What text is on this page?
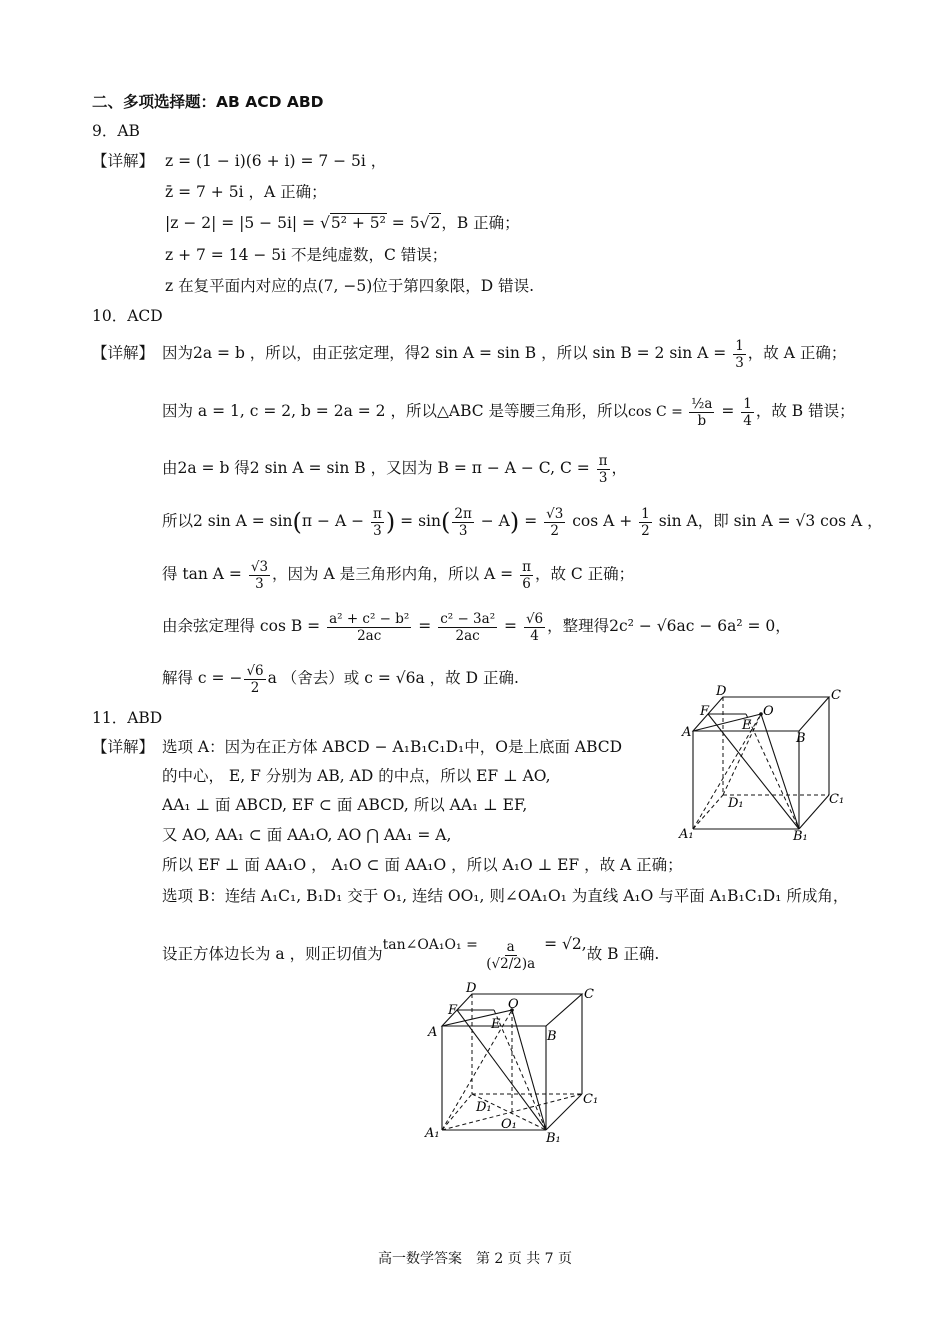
二、多项选择题：AB ACD ABD
9．AB
【详解】 z = (1 − i)(6 + i) = 7 − 5i ，
z̄ = 7 + 5i ，A 正确；
|z − 2| = |5 − 5i| = √5² + 5² = 5√2，B 正确；
z + 7 = 14 − 5i 不是纯虚数，C 错误；
z 在复平面内对应的点(7, −5)位于第四象限，D 错误.
10．ACD
【详解】 因为2a = b ，所以，由正弦定理，得2 sin A = sin B ，所以 sin B = 2 $\sin A = \frac{1}{3}$ ，故 A 正确；
因为 a = 1, c = 2, b = 2a = 2 ，所以△ABC 是等腰三角形，所以$\cos C = \frac{\text{½a}}{b} = \frac{1}{4}$ ，故 B 错误；
由2a = b 得2 sin A = sin B ，又因为 B = π − A − C, $C = \frac{\pi}{3}$ ，
所以2 $\sin A = \sin(\pi - A - \frac{\pi}{3}$ ) = $\sin( \frac{2\pi}{3} - A) = \frac{√3}{2}$ $\cos A + \frac{1}{2}$ sin A，即 sin A = √3 cos A ，
得 $\tan A = \frac{√3}{3}$ ，因为 A 是三角形内角，所以 $A = \frac{\pi}{6}$ ，故 C 正确；
由余弦定理得 $\cos B = \frac{\text{a² + c² − b²}}{2ac} = \frac{\text{c² − 3a²}}{2ac} = \frac{√6}{4}$ ，整理得2c² − √6ac − 6a² = 0，
解得 c = − $\frac{√6}{2}$ a （舍去）或 c = √6a ，故 D 正确.
11．ABD
【详解】 选项 A：因为在正方体 ABCD − A₁B₁C₁D₁中，O是上底面 ABCD
的中心， E, F 分别为 AB, AD 的中点，所以 EF ⊥ AO,
AA₁ ⊥ 面 ABCD, EF ⊂ 面 ABCD, 所以 AA₁ ⊥ EF,
又 AO, AA₁ ⊂ 面 AA₁O, AO ⋂ AA₁ = A,
所以 EF ⊥ 面 AA₁O ， A₁O ⊂ 面 AA₁O ，所以 A₁O ⊥ EF ，故 A 正确；
选项 B：连结 A₁C₁, B₁D₁ 交于 O₁, 连结 OO₁, 则∠OA₁O₁ 为直线 A₁O 与平面 A₁B₁C₁D₁ 所成角，
设正方体边长为 a ，则正切值为tan∠OA₁O₁ = $\frac{a}{(√2/2)a} = √2$,故 B 正确.
D	C
F
E
O
A	B
D₁	C₁
A₁	B₁
D
O
C
F
E
A	B
D₁
C₁
O₁
A₁	B₁
高一数学答案　第 2 页 共 7 页
